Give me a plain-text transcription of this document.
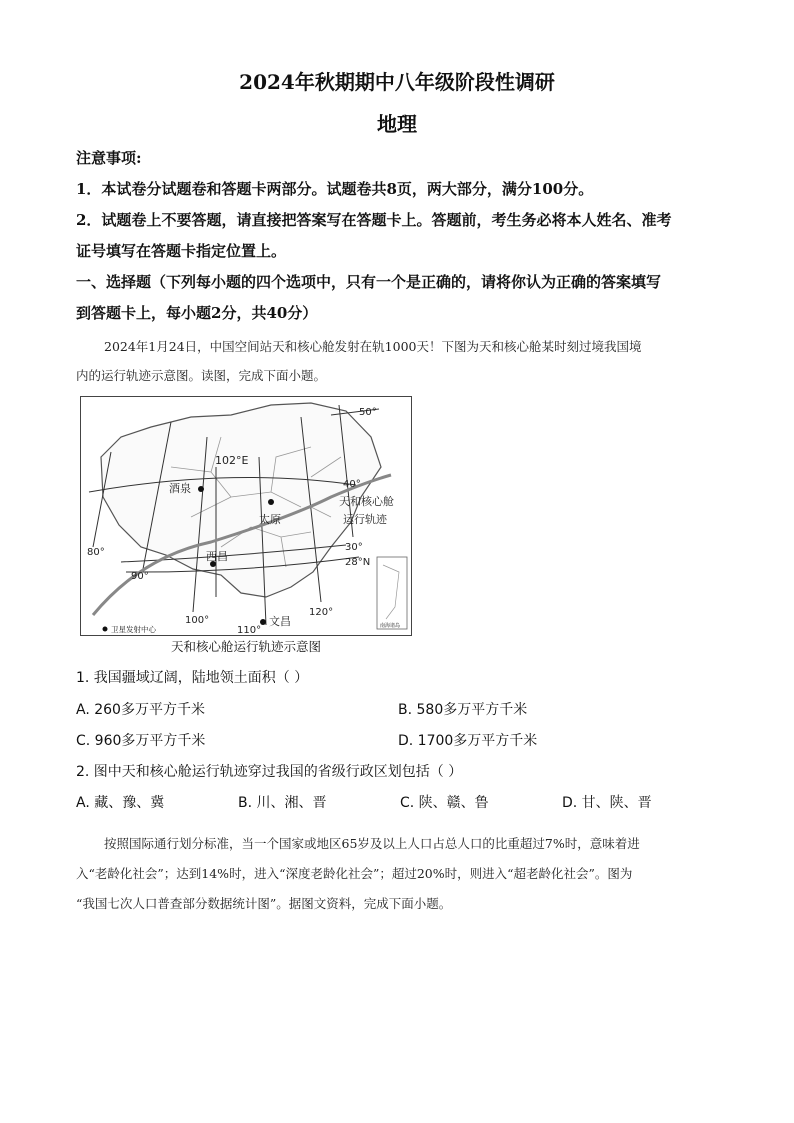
2024年秋期期中八年级阶段性调研
地理
注意事项:
1．本试卷分试题卷和答题卡两部分。试题卷共8页，两大部分，满分100分。
2．试题卷上不要答题，请直接把答案写在答题卡上。答题前，考生务必将本人姓名、准考
证号填写在答题卡指定位置上。
一、选择题（下列每小题的四个选项中，只有一个是正确的，请将你认为正确的答案填写
到答题卡上，每小题2分，共40分）
2024年1月24日，中国空间站天和核心舱发射在轨1000天！下图为天和核心舱某时刻过境我国境
内的运行轨迹示意图。读图，完成下面小题。
酒泉
太原
西昌
文昌
80°
90°
100°
102°E
110°
120°
50°
40°
30°
28°N
天和核心舱
运行轨迹
卫星发射中心	南海诸岛
天和核心舱运行轨迹示意图
1. 我国疆域辽阔，陆地领土面积（ ）
A. 260多万平方千米	B. 580多万平方千米
C. 960多万平方千米	D. 1700多万平方千米
2. 图中天和核心舱运行轨迹穿过我国的省级行政区划包括（ ）
A. 藏、豫、冀	B. 川、湘、晋	C. 陕、赣、鲁	D. 甘、陕、晋
按照国际通行划分标准，当一个国家或地区65岁及以上人口占总人口的比重超过7%时，意味着进
入“老龄化社会”；达到14%时，进入“深度老龄化社会”；超过20%时，则进入“超老龄化社会”。图为
“我国七次人口普查部分数据统计图”。据图文资料，完成下面小题。
